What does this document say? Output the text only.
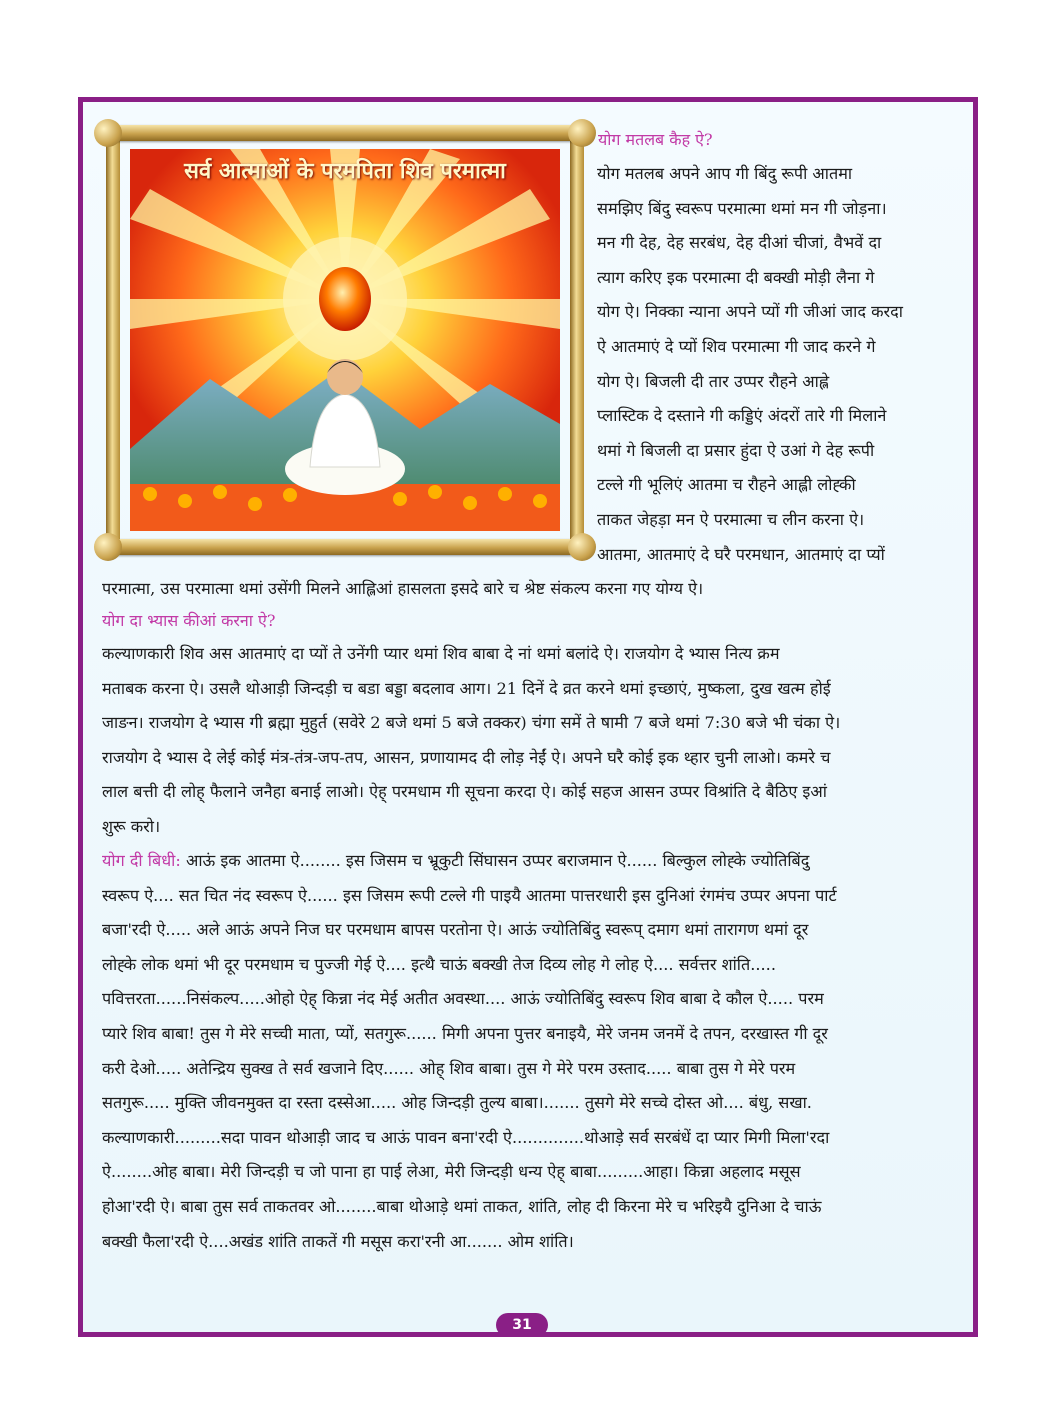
सर्व आत्माओं के परमपिता शिव परमात्मा
योग मतलब कैह ऐ?
योग मतलब अपने आप गी बिंदु रूपी आतमा
समझिए बिंदु स्वरूप परमात्मा थमां मन गी जोड़ना।
मन गी देह, देह सरबंध, देह दीआं चीजां, वैभवें दा
त्याग करिए इक परमात्मा दी बक्खी मोड़ी लैना गे
योग ऐ। निक्का न्याना अपने प्यों गी जीआं जाद करदा
ऐ आतमाएं दे प्यों शिव परमात्मा गी जाद करने गे
योग ऐ। बिजली दी तार उप्पर रौहने आह्ले
प्लास्टिक दे दस्ताने गी कड्डिएं अंदरों तारे गी मिलाने
थमां गे बिजली दा प्रसार हुंदा ऐ उआं गे देह रूपी
टल्ले गी भूलिएं आतमा च रौहने आह्ली लोह्की
ताकत जेहड़ा मन ऐ परमात्मा च लीन करना ऐ।
आतमा, आतमाएं दे घरै परमधान, आतमाएं दा प्यों
परमात्मा, उस परमात्मा थमां उसेंगी मिलने आह्लिआं हासलता इसदे बारे च श्रेष्ट संकल्प करना गए योग्य ऐ।
योग दा भ्यास कीआं करना ऐ?
कल्याणकारी शिव अस आतमाएं दा प्यों ते उनेंगी प्यार थमां शिव बाबा दे नां थमां बलांदे ऐ। राजयोग दे भ्यास नित्य क्रम
मताबक करना ऐ। उसलै थोआड़ी जिन्दड़ी च बडा बड्डा बदलाव आग। 21 दिनें दे व्रत करने थमां इच्छाएं, मुष्कला, दुख खत्म होई
जाङन। राजयोग दे भ्यास गी ब्रह्मा मुहुर्त (सवेरे 2 बजे थमां 5 बजे तक्कर) चंगा समें ते षामी 7 बजे थमां 7:30 बजे भी चंका ऐ।
राजयोग दे भ्यास दे लेई कोई मंत्र-तंत्र-जप-तप, आसन, प्रणायामद दी लोड़ नेईं ऐ। अपने घरै कोई इक थ्हार चुनी लाओ। कमरे च
लाल बत्ती दी लोह् फैलाने जनैहा बनाई लाओ। ऐह् परमधाम गी सूचना करदा ऐ। कोई सहज आसन उप्पर विश्रांति दे बैठिए इआं
शुरू करो।
योग दी बिधी: आऊं इक आतमा ऐ........ इस जिसम च भ्रूकुटी सिंघासन उप्पर बराजमान ऐ...... बिल्कुल लोह्के ज्योतिबिंदु
स्वरूप ऐ.... सत चित नंद स्वरूप ऐ...... इस जिसम रूपी टल्ले गी पाइयै आतमा पात्तरधारी इस दुनिआं रंगमंच उप्पर अपना पार्ट
बजा'रदी ऐ..... अले आऊं अपने निज घर परमधाम बापस परतोना ऐ। आऊं ज्योतिबिंदु स्वरूप् दमाग थमां तारागण थमां दूर
लोह्के लोक थमां भी दूर परमधाम च पुज्जी गेई ऐ.... इत्थै चाऊं बक्खी तेज दिव्य लोह गे लोह ऐ.... सर्वत्तर शांति.....
पवित्तरता......निसंकल्प.....ओहो ऐह् किन्ना नंद मेई अतीत अवस्था.... आऊं ज्योतिबिंदु स्वरूप शिव बाबा दे कौल ऐ..... परम
प्यारे शिव बाबा! तुस गे मेरे सच्ची माता, प्यों, सतगुरू...... मिगी अपना पुत्तर बनाइयै, मेरे जनम जनमें दे तपन, दरखास्त गी दूर
करी देओ..... अतेन्द्रिय सुक्ख ते सर्व खजाने दिए...... ओह् शिव बाबा। तुस गे मेरे परम उस्ताद..... बाबा तुस गे मेरे परम
सतगुरू..... मुक्ति जीवनमुक्त दा रस्ता दस्सेआ..... ओह जिन्दड़ी तुल्य बाबा।....... तुसगे मेरे सच्चे दोस्त ओ.... बंधु, सखा.
कल्याणकारी.........सदा पावन थोआड़ी जाद च आऊं पावन बना'रदी ऐ..............थोआड़े सर्व सरबंधें दा प्यार मिगी मिला'रदा
ऐ........ओह बाबा। मेरी जिन्दड़ी च जो पाना हा पाई लेआ, मेरी जिन्दड़ी धन्य ऐह् बाबा.........आहा। किन्ना अहलाद मसूस
होआ'रदी ऐ। बाबा तुस सर्व ताकतवर ओ........बाबा थोआड़े थमां ताकत, शांति, लोह दी किरना मेरे च भरिइयै दुनिआ दे चाऊं
बक्खी फैला'रदी ऐ....अखंड शांति ताकतें गी मसूस करा'रनी आ....... ओम शांति।
31
